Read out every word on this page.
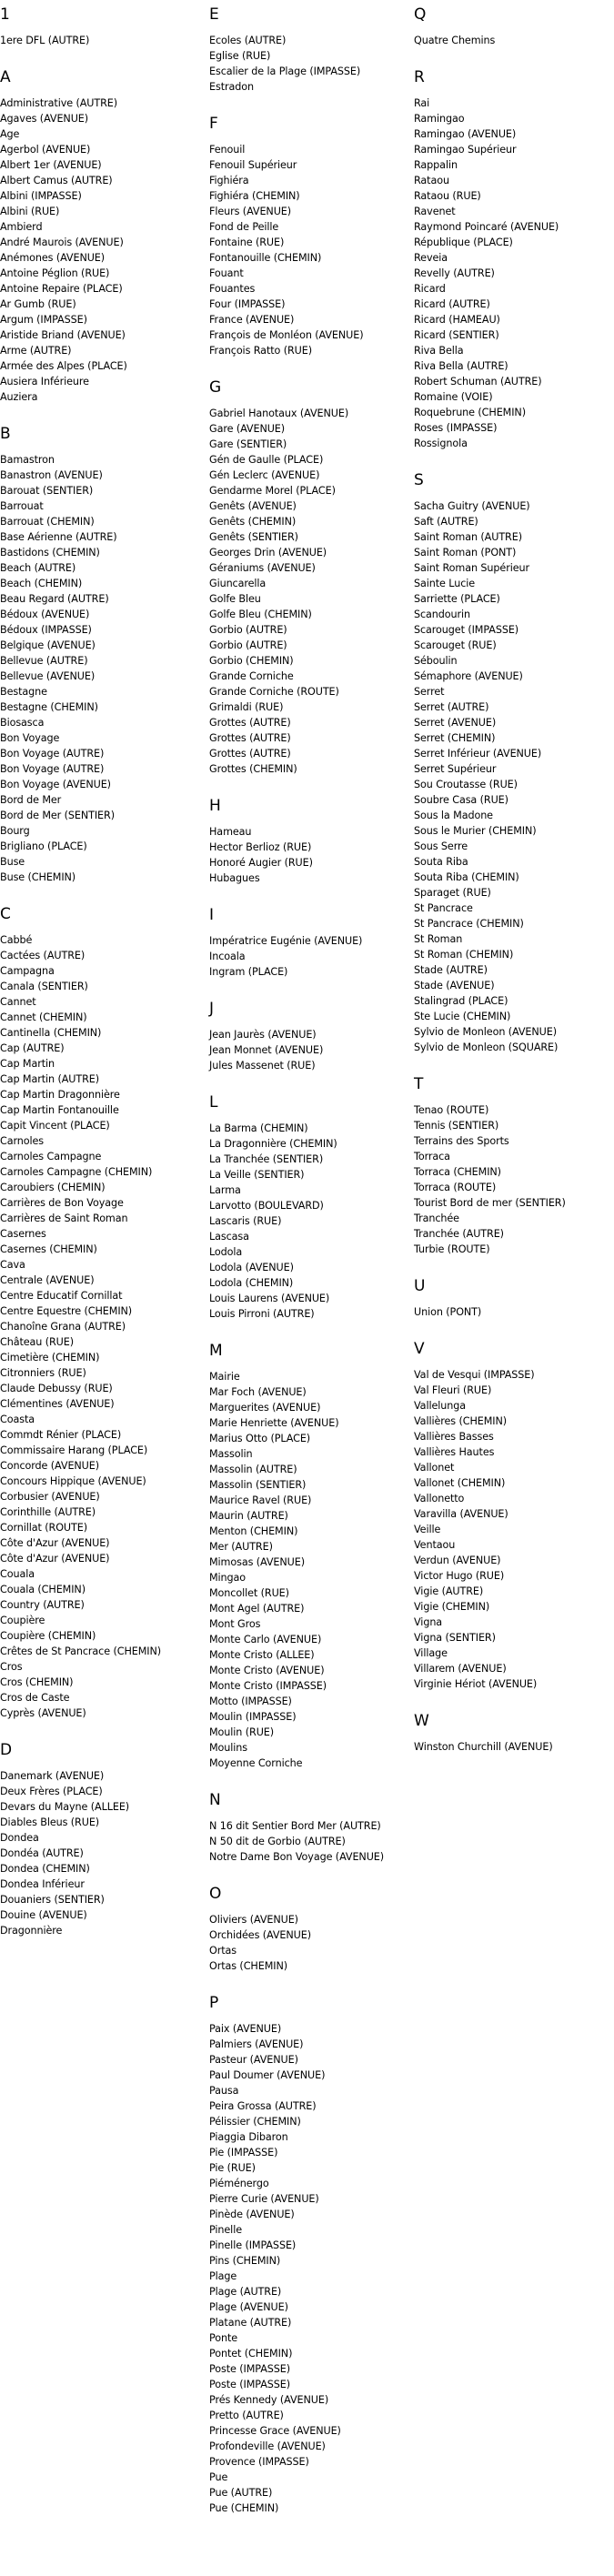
1
1ere DFL (AUTRE)
A
Administrative (AUTRE)
Agaves (AVENUE)
Age
Agerbol (AVENUE)
Albert 1er (AVENUE)
Albert Camus (AUTRE)
Albini (IMPASSE)
Albini (RUE)
Ambierd
André Maurois (AVENUE)
Anémones (AVENUE)
Antoine Péglion (RUE)
Antoine Repaire (PLACE)
Ar Gumb (RUE)
Argum (IMPASSE)
Aristide Briand (AVENUE)
Arme (AUTRE)
Armée des Alpes (PLACE)
Ausiera Inférieure
Auziera
B
Bamastron
Banastron (AVENUE)
Barouat (SENTIER)
Barrouat
Barrouat (CHEMIN)
Base Aérienne (AUTRE)
Bastidons (CHEMIN)
Beach (AUTRE)
Beach (CHEMIN)
Beau Regard (AUTRE)
Bédoux (AVENUE)
Bédoux (IMPASSE)
Belgique (AVENUE)
Bellevue (AUTRE)
Bellevue (AVENUE)
Bestagne
Bestagne (CHEMIN)
Biosasca
Bon Voyage
Bon Voyage (AUTRE)
Bon Voyage (AUTRE)
Bon Voyage (AVENUE)
Bord de Mer
Bord de Mer (SENTIER)
Bourg
Brigliano (PLACE)
Buse
Buse (CHEMIN)
C
Cabbé
Cactées (AUTRE)
Campagna
Canala (SENTIER)
Cannet
Cannet (CHEMIN)
Cantinella (CHEMIN)
Cap (AUTRE)
Cap Martin
Cap Martin (AUTRE)
Cap Martin Dragonnière
Cap Martin Fontanouille
Capit Vincent (PLACE)
Carnoles
Carnoles Campagne
Carnoles Campagne (CHEMIN)
Caroubiers (CHEMIN)
Carrières de Bon Voyage
Carrières de Saint Roman
Casernes
Casernes (CHEMIN)
Cava
Centrale (AVENUE)
Centre Educatif Cornillat
Centre Equestre (CHEMIN)
Chanoîne Grana (AUTRE)
Château (RUE)
Cimetière (CHEMIN)
Citronniers (RUE)
Claude Debussy (RUE)
Clémentines (AVENUE)
Coasta
Commdt Rénier (PLACE)
Commissaire Harang (PLACE)
Concorde (AVENUE)
Concours Hippique (AVENUE)
Corbusier (AVENUE)
Corinthille (AUTRE)
Cornillat (ROUTE)
Côte d'Azur (AVENUE)
Côte d'Azur (AVENUE)
Couala
Couala (CHEMIN)
Country (AUTRE)
Coupière
Coupière (CHEMIN)
Crêtes de St Pancrace (CHEMIN)
Cros
Cros (CHEMIN)
Cros de Caste
Cyprès (AVENUE)
D
Danemark (AVENUE)
Deux Frères (PLACE)
Devars du Mayne (ALLEE)
Diables Bleus (RUE)
Dondea
Dondéa (AUTRE)
Dondea (CHEMIN)
Dondea Inférieur
Douaniers (SENTIER)
Douine (AVENUE)
Dragonnière
E
Ecoles (AUTRE)
Eglise (RUE)
Escalier de la Plage (IMPASSE)
Estradon
F
Fenouil
Fenouil Supérieur
Fighiéra
Fighiéra (CHEMIN)
Fleurs (AVENUE)
Fond de Peille
Fontaine (RUE)
Fontanouille (CHEMIN)
Fouant
Fouantes
Four (IMPASSE)
France (AVENUE)
François de Monléon (AVENUE)
François Ratto (RUE)
G
Gabriel Hanotaux (AVENUE)
Gare (AVENUE)
Gare (SENTIER)
Gén de Gaulle (PLACE)
Gén Leclerc (AVENUE)
Gendarme Morel (PLACE)
Genêts (AVENUE)
Genêts (CHEMIN)
Genêts (SENTIER)
Georges Drin (AVENUE)
Géraniums (AVENUE)
Giuncarella
Golfe Bleu
Golfe Bleu (CHEMIN)
Gorbio (AUTRE)
Gorbio (AUTRE)
Gorbio (CHEMIN)
Grande Corniche
Grande Corniche (ROUTE)
Grimaldi (RUE)
Grottes (AUTRE)
Grottes (AUTRE)
Grottes (AUTRE)
Grottes (CHEMIN)
H
Hameau
Hector Berlioz (RUE)
Honoré Augier (RUE)
Hubagues
I
Impératrice Eugénie (AVENUE)
Incoala
Ingram (PLACE)
J
Jean Jaurès (AVENUE)
Jean Monnet (AVENUE)
Jules Massenet (RUE)
L
La Barma (CHEMIN)
La Dragonnière (CHEMIN)
La Tranchée (SENTIER)
La Veille (SENTIER)
Larma
Larvotto (BOULEVARD)
Lascaris (RUE)
Lascasa
Lodola
Lodola (AVENUE)
Lodola (CHEMIN)
Louis Laurens (AVENUE)
Louis Pirroni (AUTRE)
M
Mairie
Mar Foch (AVENUE)
Marguerites (AVENUE)
Marie Henriette (AVENUE)
Marius Otto (PLACE)
Massolin
Massolin (AUTRE)
Massolin (SENTIER)
Maurice Ravel (RUE)
Maurin (AUTRE)
Menton (CHEMIN)
Mer (AUTRE)
Mimosas (AVENUE)
Mingao
Moncollet (RUE)
Mont Agel (AUTRE)
Mont Gros
Monte Carlo (AVENUE)
Monte Cristo (ALLEE)
Monte Cristo (AVENUE)
Monte Cristo (IMPASSE)
Motto (IMPASSE)
Moulin (IMPASSE)
Moulin (RUE)
Moulins
Moyenne Corniche
N
N 16 dit Sentier Bord Mer (AUTRE)
N 50 dit de Gorbio (AUTRE)
Notre Dame Bon Voyage (AVENUE)
O
Oliviers (AVENUE)
Orchidées (AVENUE)
Ortas
Ortas (CHEMIN)
P
Paix (AVENUE)
Palmiers (AVENUE)
Pasteur (AVENUE)
Paul Doumer (AVENUE)
Pausa
Peira Grossa (AUTRE)
Pélissier (CHEMIN)
Piaggia Dibaron
Pie (IMPASSE)
Pie (RUE)
Piéménergo
Pierre Curie (AVENUE)
Pinède (AVENUE)
Pinelle
Pinelle (IMPASSE)
Pins (CHEMIN)
Plage
Plage (AUTRE)
Plage (AVENUE)
Platane (AUTRE)
Ponte
Pontet (CHEMIN)
Poste (IMPASSE)
Poste (IMPASSE)
Prés Kennedy (AVENUE)
Pretto (AUTRE)
Princesse Grace (AVENUE)
Profondeville (AVENUE)
Provence (IMPASSE)
Pue
Pue (AUTRE)
Pue (CHEMIN)
Q
Quatre Chemins
R
Rai
Ramingao
Ramingao (AVENUE)
Ramingao Supérieur
Rappalin
Rataou
Rataou (RUE)
Ravenet
Raymond Poincaré (AVENUE)
République (PLACE)
Reveia
Revelly (AUTRE)
Ricard
Ricard (AUTRE)
Ricard (HAMEAU)
Ricard (SENTIER)
Riva Bella
Riva Bella (AUTRE)
Robert Schuman (AUTRE)
Romaine (VOIE)
Roquebrune (CHEMIN)
Roses (IMPASSE)
Rossignola
S
Sacha Guitry (AVENUE)
Saft (AUTRE)
Saint Roman (AUTRE)
Saint Roman (PONT)
Saint Roman Supérieur
Sainte Lucie
Sarriette (PLACE)
Scandourin
Scarouget (IMPASSE)
Scarouget (RUE)
Séboulin
Sémaphore (AVENUE)
Serret
Serret (AUTRE)
Serret (AVENUE)
Serret (CHEMIN)
Serret Inférieur (AVENUE)
Serret Supérieur
Sou Croutasse (RUE)
Soubre Casa (RUE)
Sous la Madone
Sous le Murier (CHEMIN)
Sous Serre
Souta Riba
Souta Riba (CHEMIN)
Sparaget (RUE)
St Pancrace
St Pancrace (CHEMIN)
St Roman
St Roman (CHEMIN)
Stade (AUTRE)
Stade (AVENUE)
Stalingrad (PLACE)
Ste Lucie (CHEMIN)
Sylvio de Monleon (AVENUE)
Sylvio de Monleon (SQUARE)
T
Tenao (ROUTE)
Tennis (SENTIER)
Terrains des Sports
Torraca
Torraca (CHEMIN)
Torraca (ROUTE)
Tourist Bord de mer (SENTIER)
Tranchée
Tranchée (AUTRE)
Turbie (ROUTE)
U
Union (PONT)
V
Val de Vesqui (IMPASSE)
Val Fleuri (RUE)
Vallelunga
Vallières (CHEMIN)
Vallières Basses
Vallières Hautes
Vallonet
Vallonet (CHEMIN)
Vallonetto
Varavilla (AVENUE)
Veille
Ventaou
Verdun (AVENUE)
Victor Hugo (RUE)
Vigie (AUTRE)
Vigie (CHEMIN)
Vigna
Vigna (SENTIER)
Village
Villarem (AVENUE)
Virginie Hériot (AVENUE)
W
Winston Churchill (AVENUE)
